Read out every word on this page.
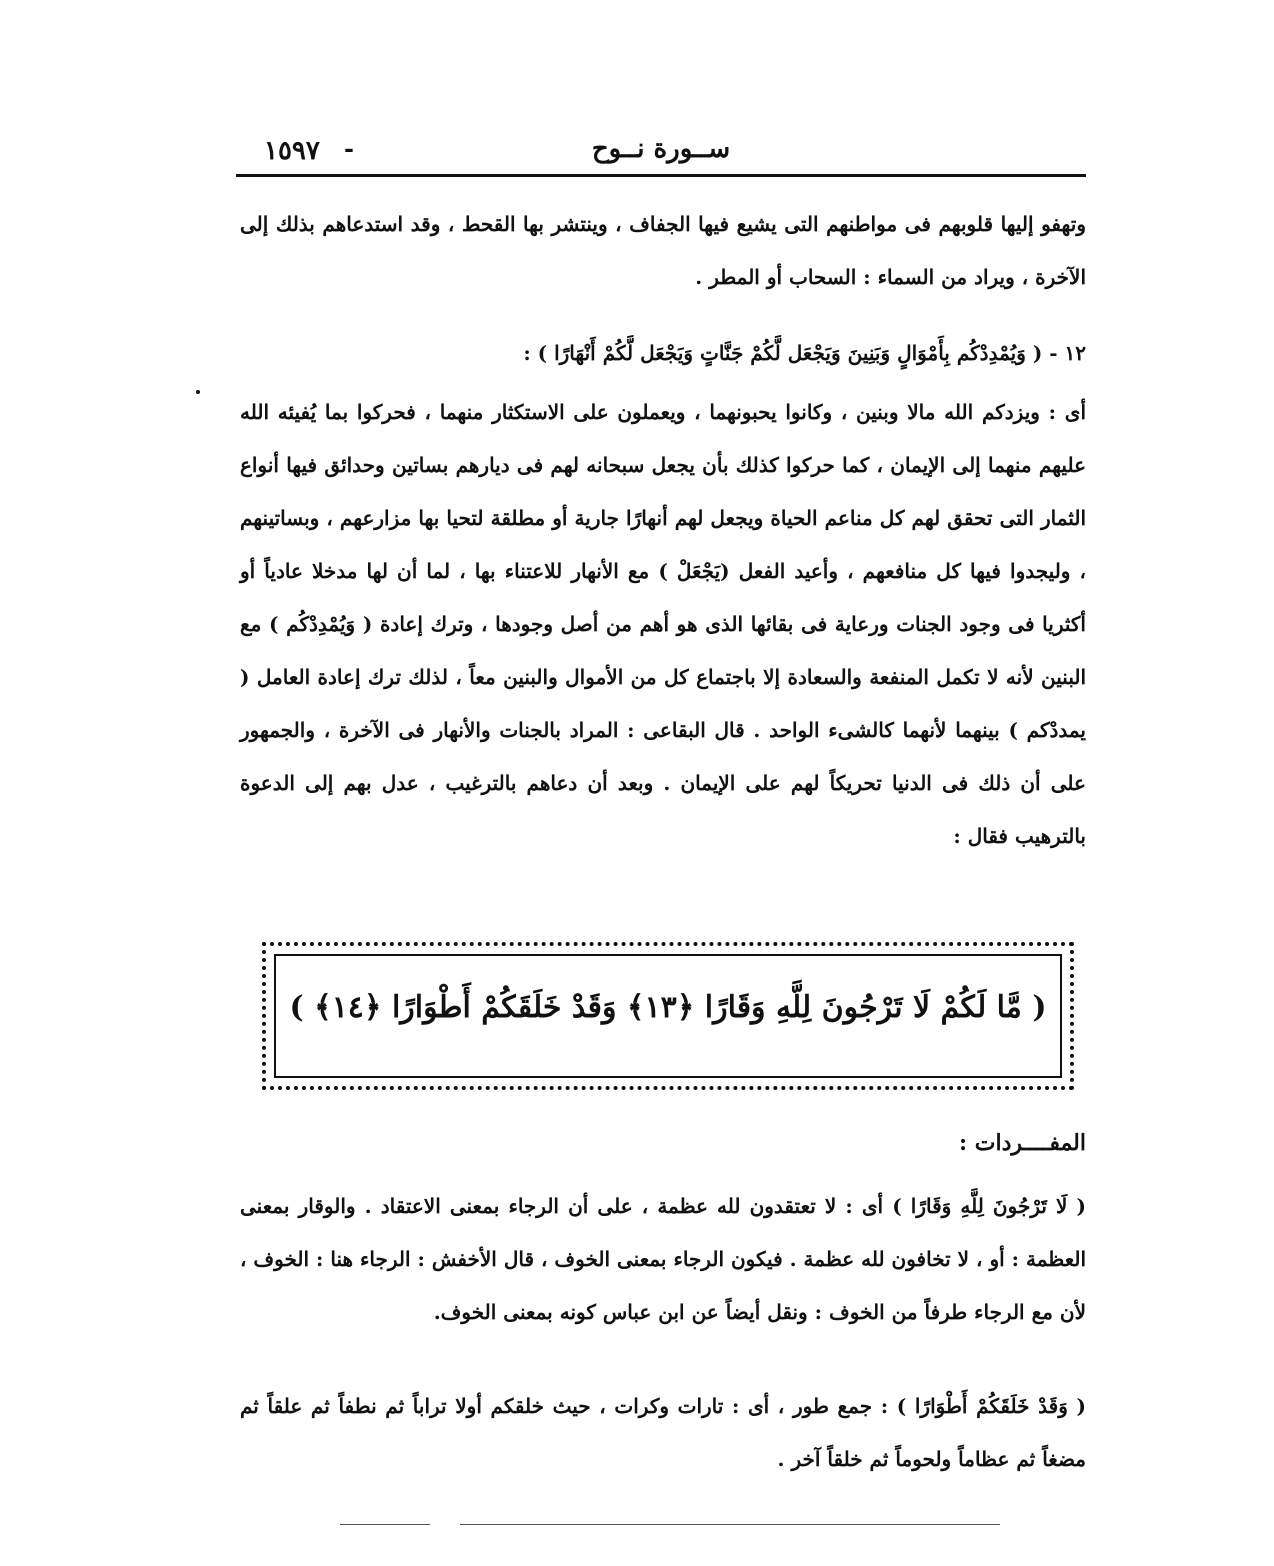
١٥٩٧ -	ســورة نــوح
وتهفو إليها قلوبهم فى مواطنهم التى يشيع فيها الجفاف ، وينتشر بها القحط ، وقد استدعاهم بذلك إلى الآخرة ، ويراد من السماء : السحاب أو المطر .
١٢ - ( وَيُمْدِدْكُم بِأَمْوَالٍ وَبَنِينَ وَيَجْعَل لَّكُمْ جَنَّاتٍ وَيَجْعَل لَّكُمْ أَنْهَارًا ) :
أى : ويزدكم الله مالا وبنين ، وكانوا يحبونهما ، ويعملون على الاستكثار منهما ، فحركوا بما يُفيئه الله عليهم منهما إلى الإيمان ، كما حركوا كذلك بأن يجعل سبحانه لهم فى ديارهم بساتين وحدائق فيها أنواع الثمار التى تحقق لهم كل مناعم الحياة ويجعل لهم أنهارًا جارية أو مطلقة لتحيا بها مزارعهم ، وبساتينهم ، وليجدوا فيها كل منافعهم ، وأعيد الفعل (يَجْعَلْ ) مع الأنهار للاعتناء بها ، لما أن لها مدخلا عادياً أو أكثريا فى وجود الجنات ورعاية فى بقائها الذى هو أهم من أصل وجودها ، وترك إعادة ( وَيُمْدِدْكُم ) مع البنين لأنه لا تكمل المنفعة والسعادة إلا باجتماع كل من الأموال والبنين معاً ، لذلك ترك إعادة العامل ( يمددْكم ) بينهما لأنهما كالشىء الواحد . قال البقاعى : المراد بالجنات والأنهار فى الآخرة ، والجمهور على أن ذلك فى الدنيا تحريكاً لهم على الإيمان . وبعد أن دعاهم بالترغيب ، عدل بهم إلى الدعوة بالترهيب فقال :
( مَّا لَكُمْ لَا تَرْجُونَ لِلَّهِ وَقَارًا ﴿١٣﴾ وَقَدْ خَلَقَكُمْ أَطْوَارًا ﴿١٤﴾ )
المفــــردات :
( لَا تَرْجُونَ لِلَّهِ وَقَارًا ) أى : لا تعتقدون لله عظمة ، على أن الرجاء بمعنى الاعتقاد . والوقار بمعنى العظمة : أو ، لا تخافون لله عظمة . فيكون الرجاء بمعنى الخوف ، قال الأخفش : الرجاء هنا : الخوف ، لأن مع الرجاء طرفاً من الخوف : ونقل أيضاً عن ابن عباس كونه بمعنى الخوف.
( وَقَدْ خَلَقَكُمْ أَطْوَارًا ) : جمع طور ، أى : تارات وكرات ، حيث خلقكم أولا تراباً ثم نطفاً ثم علقاً ثم مضغاً ثم عظاماً ولحوماً ثم خلقاً آخر .
